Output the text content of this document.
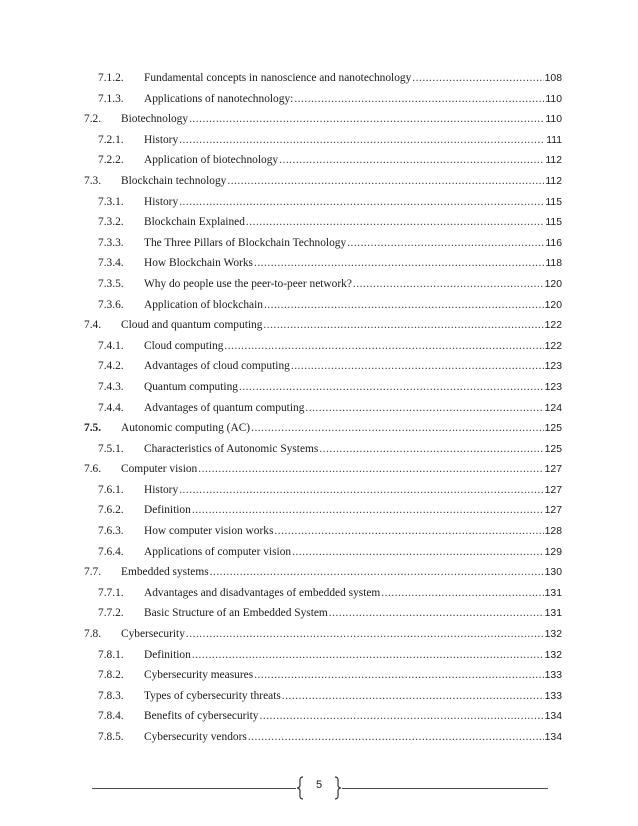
7.1.2.	Fundamental concepts in nanoscience and nanotechnology .....	108
7.1.3.	Applications of nanotechnology: .....	110
7.2.	Biotechnology .....	110
7.2.1.	History .....	111
7.2.2.	Application of biotechnology .....	112
7.3.	Blockchain technology .....	112
7.3.1.	History .....	115
7.3.2.	Blockchain Explained .....	115
7.3.3.	The Three Pillars of Blockchain Technology .....	116
7.3.4.	How Blockchain Works .....	118
7.3.5.	Why do people use the peer-to-peer network? .....	120
7.3.6.	Application of blockchain .....	120
7.4.	Cloud and quantum computing .....	122
7.4.1.	Cloud computing .....	122
7.4.2.	Advantages of cloud computing .....	123
7.4.3.	Quantum computing .....	123
7.4.4.	Advantages of quantum computing .....	124
7.5.	Autonomic computing (AC) .....	125
7.5.1.	Characteristics of Autonomic Systems .....	125
7.6.	Computer vision .....	127
7.6.1.	History .....	127
7.6.2.	Definition .....	127
7.6.3.	How computer vision works .....	128
7.6.4.	Applications of computer vision .....	129
7.7.	Embedded systems .....	130
7.7.1.	Advantages and disadvantages of embedded system .....	131
7.7.2.	Basic Structure of an Embedded System .....	131
7.8.	Cybersecurity .....	132
7.8.1.	Definition .....	132
7.8.2.	Cybersecurity measures .....	133
7.8.3.	Types of cybersecurity threats .....	133
7.8.4.	Benefits of cybersecurity .....	134
7.8.5.	Cybersecurity vendors .....	134
5
